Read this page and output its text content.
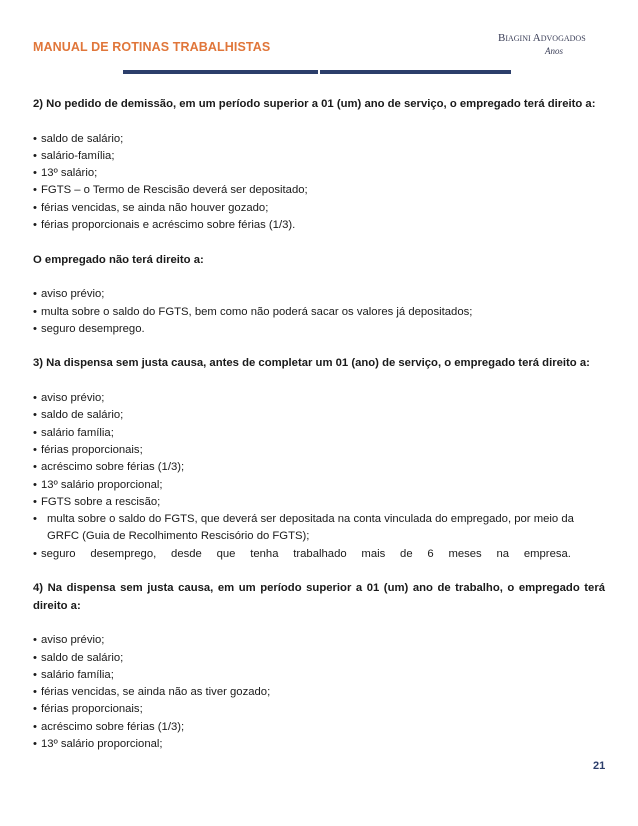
MANUAL DE ROTINAS TRABALHISTAS
Biagini Advogados
Anos

2) No pedido de demissão, em um período superior a 01 (um) ano de serviço, o empregado terá direito a:

• saldo de salário;
• salário-família;
• 13º salário;
• FGTS – o Termo de Rescisão deverá ser depositado;
• férias vencidas, se ainda não houver gozado;
• férias proporcionais e acréscimo sobre férias (1/3).

O empregado não terá direito a:

• aviso prévio;
• multa sobre o saldo do FGTS, bem como não poderá sacar os valores já depositados;
• seguro desemprego.

3) Na dispensa sem justa causa, antes de completar um 01 (ano) de serviço, o empregado terá direito a:

• aviso prévio;
• saldo de salário;
• salário família;
• férias proporcionais;
• acréscimo sobre férias (1/3);
• 13º salário proporcional;
• FGTS sobre a rescisão;
• multa sobre o saldo do FGTS, que deverá ser depositada na conta vinculada do empregado, por meio da GRFC (Guia de Recolhimento Rescisório do FGTS);
• seguro desemprego, desde que tenha trabalhado mais de 6 meses na empresa.

4) Na dispensa sem justa causa, em um período superior a 01 (um) ano de trabalho, o empregado terá direito a:

• aviso prévio;
• saldo de salário;
• salário família;
• férias vencidas, se ainda não as tiver gozado;
• férias proporcionais;
• acréscimo sobre férias (1/3);
• 13º salário proporcional;
21
